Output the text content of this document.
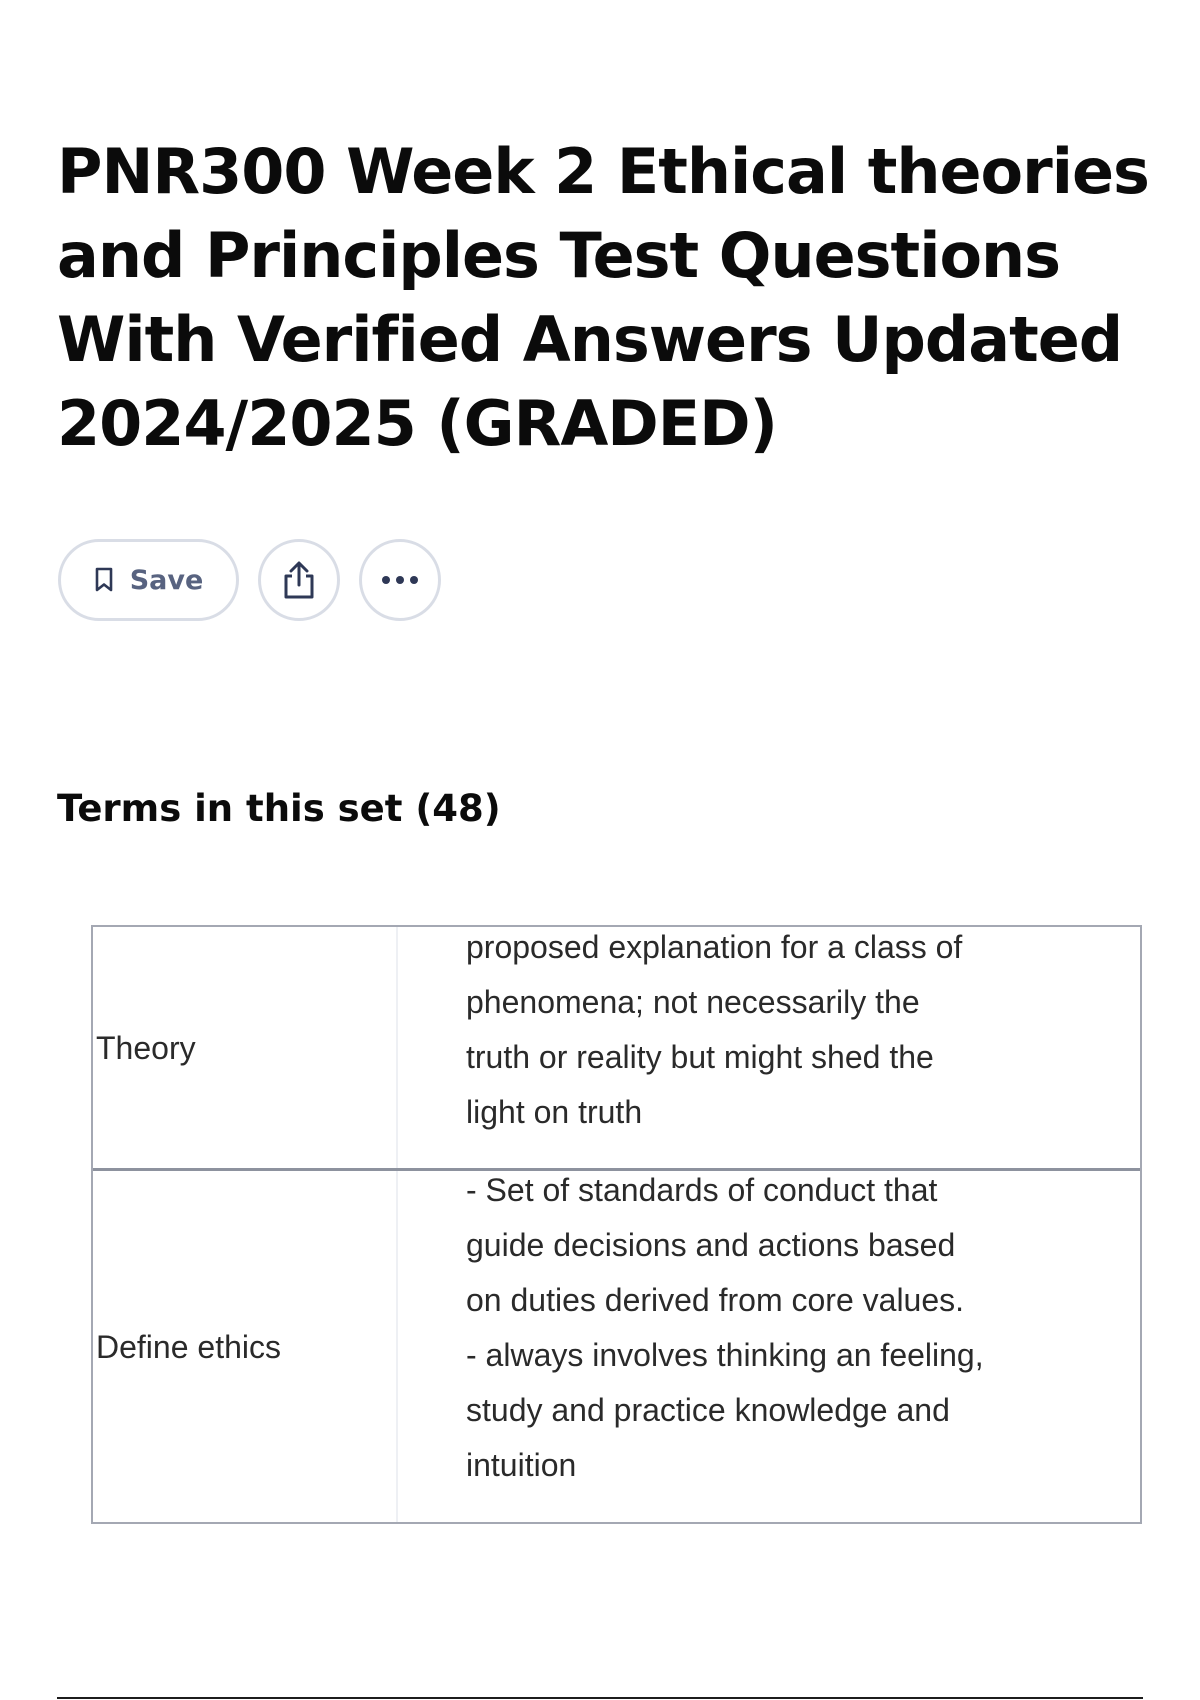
PNR300 Week 2 Ethical theories and Principles Test Questions With Verified Answers Updated 2024/2025 (GRADED)
Save
Terms in this set (48)
Theory
proposed explanation for a class of
phenomena; not necessarily the
truth or reality but might shed the
light on truth
Define ethics
- Set of standards of conduct that
guide decisions and actions based
on duties derived from core values.
- always involves thinking an feeling,
study and practice knowledge and
intuition
